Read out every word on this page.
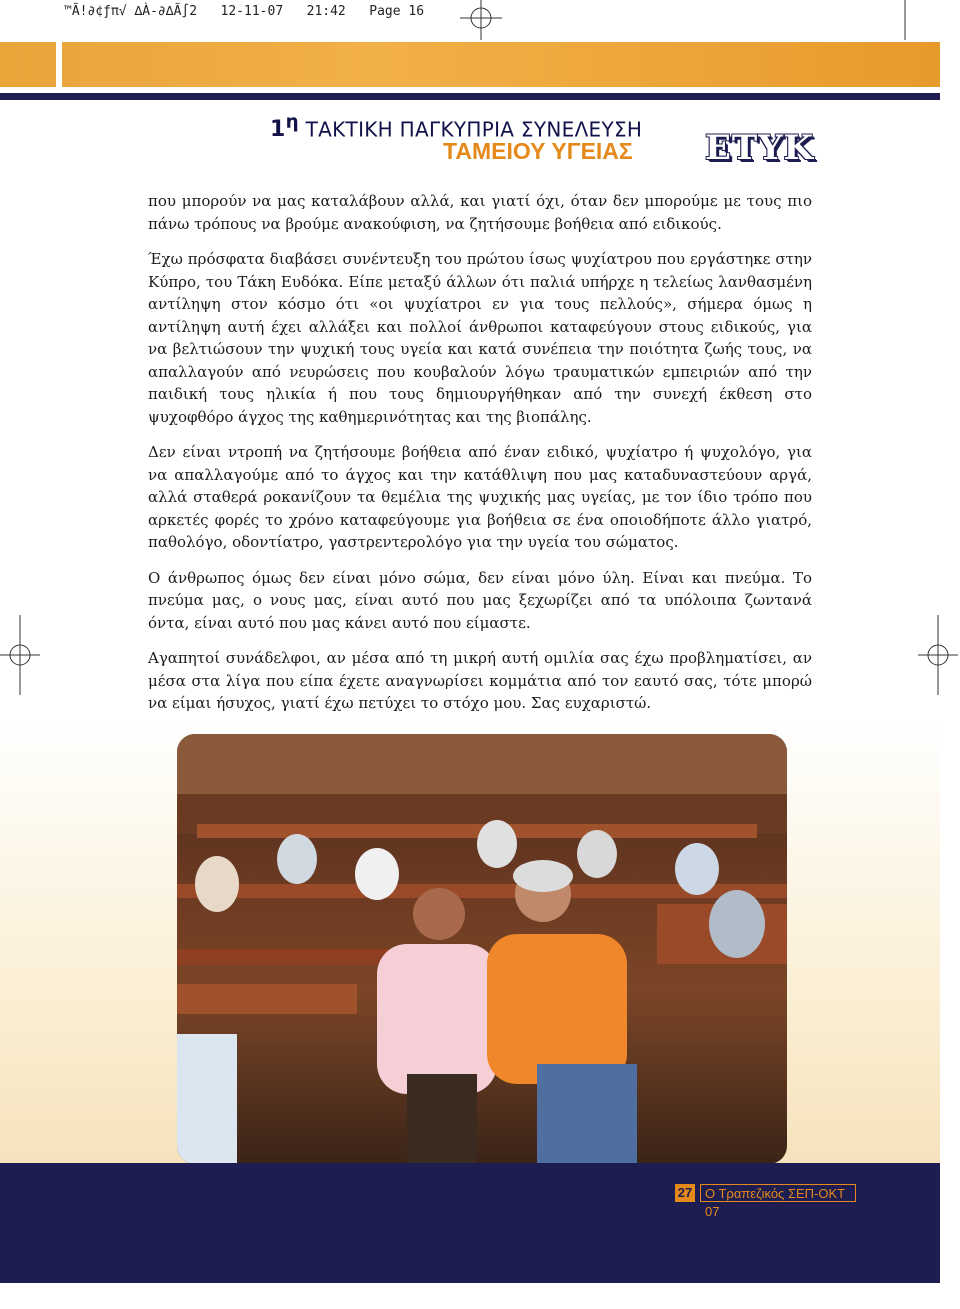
™Ã!∂¢ƒπ√ ∆À-∂∆Ã∫2   12-11-07   21:42   Page 16
$1^\eta$ ΤΑΚΤΙΚΗ ΠΑΓΚΥΠΡΙΑ ΣΥΝΕΛΕΥΣΗ
ΤΑΜΕΙΟΥ ΥΓΕΙΑΣ ΕΤΥΚ

που μπορούν να μας καταλάβουν αλλά, και γιατί όχι, όταν δεν μπορούμε με τους πιο πάνω τρόπους να βρούμε ανακούφιση, να ζητήσουμε βοήθεια από ειδικούς.

Έχω πρόσφατα διαβάσει συνέντευξη του πρώτου ίσως ψυχίατρου που εργάστηκε στην Κύπρο, του Τάκη Ευδόκα. Είπε μεταξύ άλλων ότι παλιά υπήρχε η τελείως λανθασμένη αντίληψη στον κόσμο ότι «οι ψυχίατροι εν για τους πελλούς», σήμερα όμως η αντίληψη αυτή έχει αλλάξει και πολλοί άνθρωποι καταφεύγουν στους ειδικούς, για να βελτιώσουν την ψυχική τους υγεία και κατά συνέπεια την ποιότητα ζωής τους, να απαλλαγούν από νευρώσεις που κουβαλούν λόγω τραυματικών εμπειριών από την παιδική τους ηλικία ή που τους δημιουργήθηκαν από την συνεχή έκθεση στο ψυχοφθόρο άγχος της καθημερινότητας και της βιοπάλης.

Δεν είναι ντροπή να ζητήσουμε βοήθεια από έναν ειδικό, ψυχίατρο ή ψυχολόγο, για να απαλλαγούμε από το άγχος και την κατάθλιψη που μας καταδυναστεύουν αργά, αλλά σταθερά ροκανίζουν τα θεμέλια της ψυχικής μας υγείας, με τον ίδιο τρόπο που αρκετές φορές το χρόνο καταφεύγουμε για βοήθεια σε ένα οποιοδήποτε άλλο γιατρό, παθολόγο, οδοντίατρο, γαστρεντερολόγο για την υγεία του σώματος.

Ο άνθρωπος όμως δεν είναι μόνο σώμα, δεν είναι μόνο ύλη. Είναι και πνεύμα. Το πνεύμα μας, ο νους μας, είναι αυτό που μας ξεχωρίζει από τα υπόλοιπα ζωντανά όντα, είναι αυτό που μας κάνει αυτό που είμαστε.

Αγαπητοί συνάδελφοι, αν μέσα από τη μικρή αυτή ομιλία σας έχω προβληματίσει, αν μέσα στα λίγα που είπα έχετε αναγνωρίσει κομμάτια από τον εαυτό σας, τότε μπορώ να είμαι ήσυχος, γιατί έχω πετύχει το στόχο μου. Σας ευχαριστώ.

27 Ο Τραπεζικός ΣΕΠ-ΟΚΤ 07
